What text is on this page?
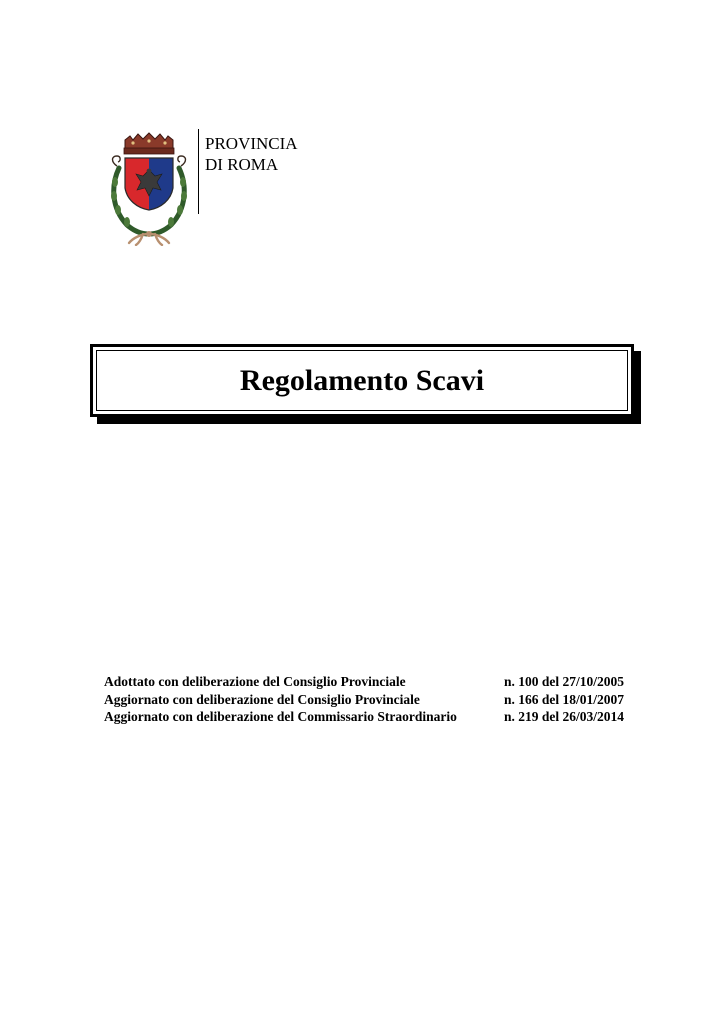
PROVINCIA
DI ROMA
Regolamento Scavi
Adottato con deliberazione del Consiglio Provinciale	n. 100 del 27/10/2005
Aggiornato con deliberazione del Consiglio Provinciale	n. 166 del 18/01/2007
Aggiornato con deliberazione del Commissario Straordinario	n. 219 del 26/03/2014
